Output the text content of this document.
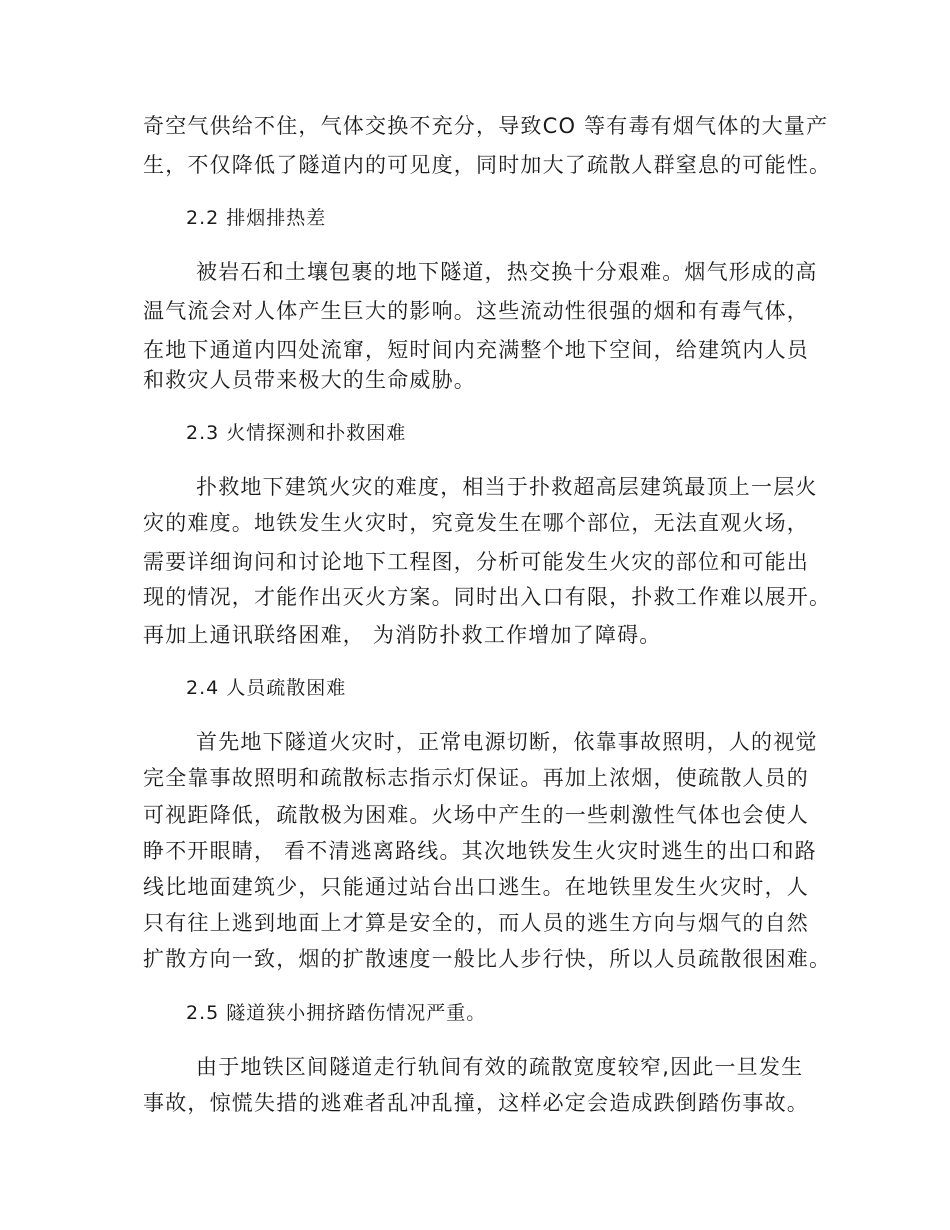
奇空气供给不住，气体交换不充分，导致CO 等有毒有烟气体的大量产
生，不仅降低了隧道内的可见度，同时加大了疏散人群窒息的可能性。
2.2 排烟排热差
被岩石和土壤包裹的地下隧道，热交换十分艰难。烟气形成的高
温气流会对人体产生巨大的影响。这些流动性很强的烟和有毒气体，
在地下通道内四处流窜，短时间内充满整个地下空间，给建筑内人员
和救灾人员带来极大的生命威胁。
2.3 火情探测和扑救困难
扑救地下建筑火灾的难度，相当于扑救超高层建筑最顶上一层火
灾的难度。地铁发生火灾时，究竟发生在哪个部位，无法直观火场，
需要详细询问和讨论地下工程图，分析可能发生火灾的部位和可能出
现的情况，才能作出灭火方案。同时出入口有限，扑救工作难以展开。
再加上通讯联络困难， 为消防扑救工作增加了障碍。
2.4 人员疏散困难
首先地下隧道火灾时，正常电源切断，依靠事故照明，人的视觉
完全靠事故照明和疏散标志指示灯保证。再加上浓烟，使疏散人员的
可视距降低，疏散极为困难。火场中产生的一些刺激性气体也会使人
睁不开眼睛， 看不清逃离路线。其次地铁发生火灾时逃生的出口和路
线比地面建筑少，只能通过站台出口逃生。在地铁里发生火灾时，人
只有往上逃到地面上才算是安全的，而人员的逃生方向与烟气的自然
扩散方向一致，烟的扩散速度一般比人步行快，所以人员疏散很困难。
2.5 隧道狭小拥挤踏伤情况严重。
由于地铁区间隧道走行轨间有效的疏散宽度较窄,因此一旦发生
事故，惊慌失措的逃难者乱冲乱撞，这样必定会造成跌倒踏伤事故。
